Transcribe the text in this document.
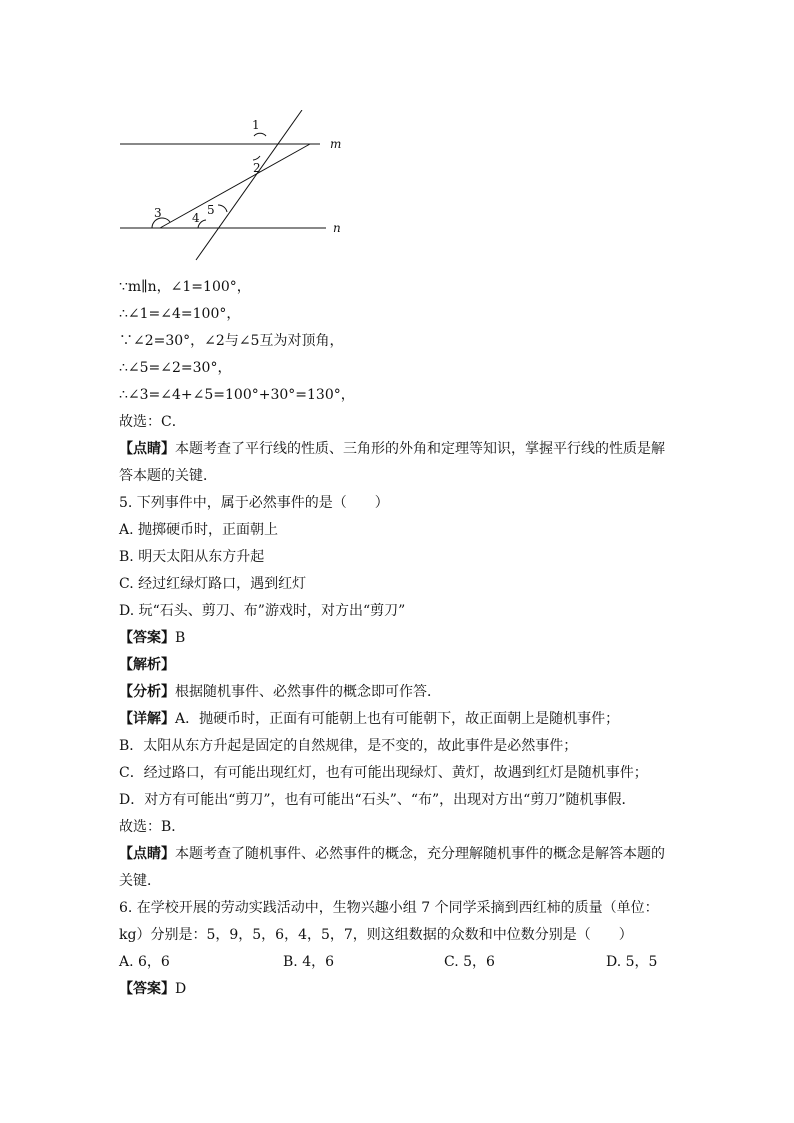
1
2
3	4
5
m
n
∵m∥n，∠1=100°，
∴∠1=∠4=100°，
∵∠2=30°，∠2与∠5互为对顶角，
∴∠5=∠2=30°，
∴∠3=∠4+∠5=100°+30°=130°，
故选：C．
【点睛】本题考查了平行线的性质、三角形的外角和定理等知识，掌握平行线的性质是解
答本题的关键．
5. 下列事件中，属于必然事件的是（　　）
A. 抛掷硬币时，正面朝上
B. 明天太阳从东方升起
C. 经过红绿灯路口，遇到红灯
D. 玩“石头、剪刀、布”游戏时，对方出“剪刀”
【答案】B
【解析】
【分析】根据随机事件、必然事件的概念即可作答．
【详解】A．抛硬币时，正面有可能朝上也有可能朝下，故正面朝上是随机事件；
B．太阳从东方升起是固定的自然规律，是不变的，故此事件是必然事件；
C．经过路口，有可能出现红灯，也有可能出现绿灯、黄灯，故遇到红灯是随机事件；
D．对方有可能出“剪刀”，也有可能出“石头”、“布”，出现对方出“剪刀”随机事假．
故选：B．
【点睛】本题考查了随机事件、必然事件的概念，充分理解随机事件的概念是解答本题的
关键．
6. 在学校开展的劳动实践活动中，生物兴趣小组 7 个同学采摘到西红柿的质量（单位：
kg）分别是：5，9，5，6，4，5，7，则这组数据的众数和中位数分别是（　　）
A. 6，6	B. 4，6	C. 5，6	D. 5，5
【答案】D
